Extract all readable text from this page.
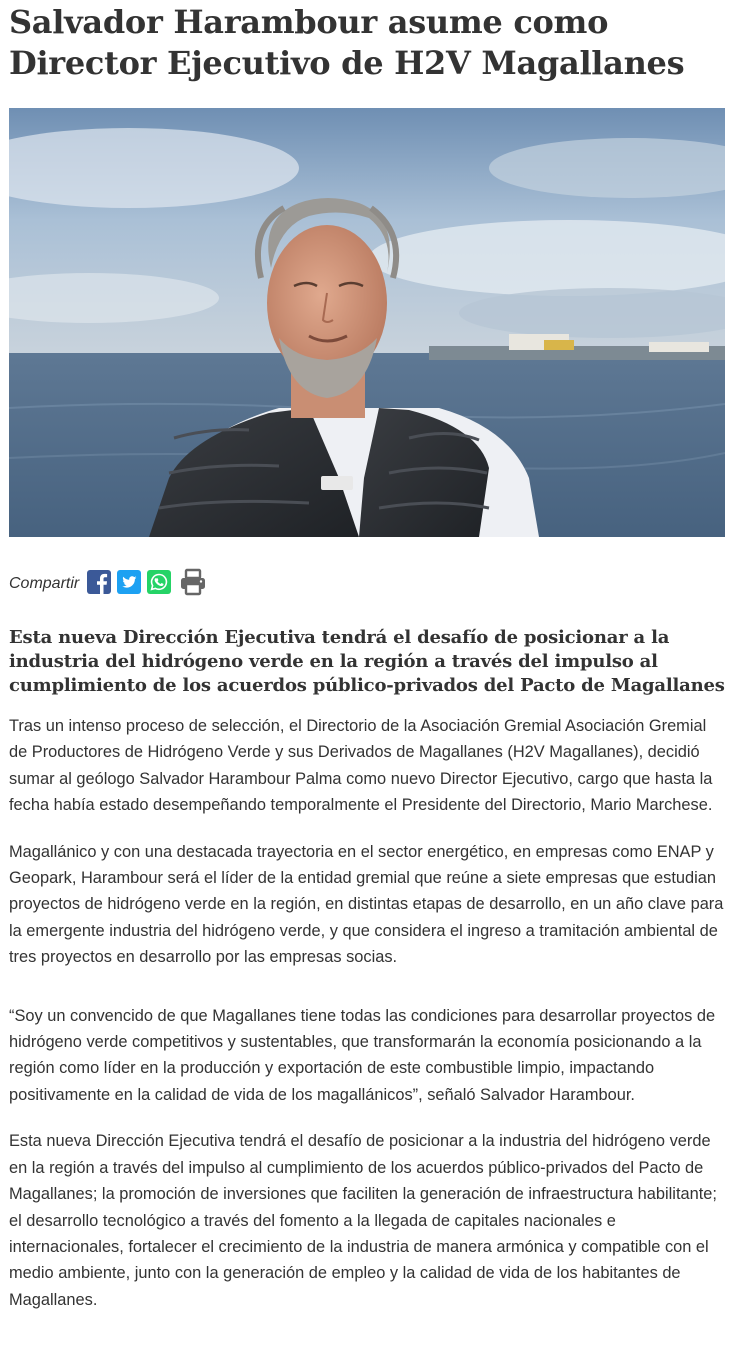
Salvador Harambour asume como Director Ejecutivo de H2V Magallanes
Compartir
Esta nueva Dirección Ejecutiva tendrá el desafío de posicionar a la industria del hidrógeno verde en la región a través del impulso al cumplimiento de los acuerdos público-privados del Pacto de Magallanes

Tras un intenso proceso de selección, el Directorio de la Asociación Gremial Asociación Gremial de Productores de Hidrógeno Verde y sus Derivados de Magallanes (H2V Magallanes), decidió sumar al geólogo Salvador Harambour Palma como nuevo Director Ejecutivo, cargo que hasta la fecha había estado desempeñando temporalmente el Presidente del Directorio, Mario Marchese.

Magallánico y con una destacada trayectoria en el sector energético, en empresas como ENAP y Geopark, Harambour será el líder de la entidad gremial que reúne a siete empresas que estudian proyectos de hidrógeno verde en la región, en distintas etapas de desarrollo, en un año clave para la emergente industria del hidrógeno verde, y que considera el ingreso a tramitación ambiental de tres proyectos en desarrollo por las empresas socias.

“Soy un convencido de que Magallanes tiene todas las condiciones para desarrollar proyectos de hidrógeno verde competitivos y sustentables, que transformarán la economía posicionando a la región como líder en la producción y exportación de este combustible limpio, impactando positivamente en la calidad de vida de los magallánicos”, señaló Salvador Harambour.

Esta nueva Dirección Ejecutiva tendrá el desafío de posicionar a la industria del hidrógeno verde en la región a través del impulso al cumplimiento de los acuerdos público-privados del Pacto de Magallanes; la promoción de inversiones que faciliten la generación de infraestructura habilitante; el desarrollo tecnológico a través del fomento a la llegada de capitales nacionales e internacionales, fortalecer el crecimiento de la industria de manera armónica y compatible con el medio ambiente, junto con la generación de empleo y la calidad de vida de los habitantes de Magallanes.
